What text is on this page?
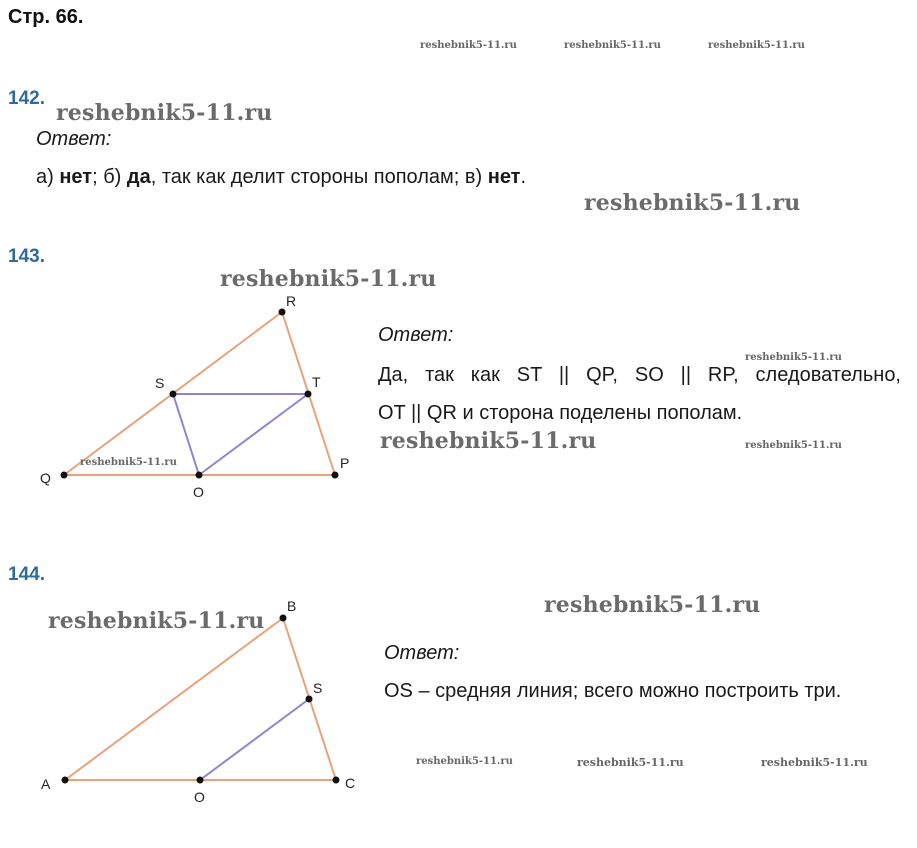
Стр. 66.
reshebnik5-11.ru	reshebnik5-11.ru	reshebnik5-11.ru
142.
reshebnik5-11.ru
Ответ:
а) нет; б) да, так как делит стороны пополам; в) нет.
reshebnik5-11.ru
143.
reshebnik5-11.ru
R
S	T
Q
O
P
B
S
A
O
C
reshebnik5-11.ru
Ответ:
reshebnik5-11.ru
Да, так как ST || QP, SO || RP, следовательно,
OT || QR и сторона поделены пополам.
reshebnik5-11.ru	reshebnik5-11.ru
144.
reshebnik5-11.ru
reshebnik5-11.ru
Ответ:
OS – средняя линия; всего можно построить три.
reshebnik5-11.ru	reshebnik5-11.ru	reshebnik5-11.ru
